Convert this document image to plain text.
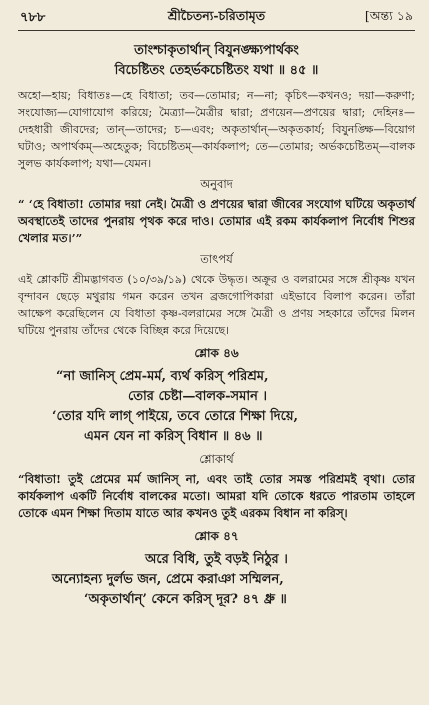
৭৮৮	শ্রীচৈতন্য-চরিতামৃত	[অন্ত্য ১৯
তাংশ্চাকৃতার্থান্ বিযুনঙ্ক্ষ্যপার্থকং
বিচেষ্টিতং তেহর্ভকচেষ্টিতং যথা ॥ ৪৫ ॥

অহো—হায়; বিধাতঃ—হে বিধাতা; তব—তোমার; ন—না; কৃচিৎ—কখনও; দয়া—করুণা; সংযোজ্য—যোগাযোগ করিয়ে; মৈত্র্যা—মৈত্রীর দ্বারা; প্রণয়েন—প্রণয়ের দ্বারা; দেহিনঃ—দেহধারী জীবদের; তান্—তাদের; চ—এবং; অকৃতার্থান্—অকৃতকার্য; বিযুনঙ্ক্ষি—বিয়োগ ঘটাও; অপার্থকম্—অহেতুক; বিচেষ্টিতম্—কার্যকলাপ; তে—তোমার; অর্ভকচেষ্টিতম্—বালক সুলভ কার্যকলাপ; যথা—যেমন।

অনুবাদ

“ ‘হে বিধাতা! তোমার দয়া নেই। মৈত্রী ও প্রণয়ের দ্বারা জীবের সংযোগ ঘটিয়ে অকৃতার্থ অবস্থাতেই তাদের পুনরায় পৃথক করে দাও। তোমার এই রকম কার্যকলাপ নির্বোধ শিশুর খেলার মত।’”

তাৎপর্য

এই শ্লোকটি শ্রীমদ্ভাগবত (১০/৩৯/১৯) থেকে উদ্ধৃত। অক্রূর ও বলরামের সঙ্গে শ্রীকৃষ্ণ যখন বৃন্দাবন ছেড়ে মথুরায় গমন করেন তখন ব্রজগোপিকারা এইভাবে বিলাপ করেন। তাঁরা আক্ষেপ করেছিলেন যে বিধাতা কৃষ্ণ-বলরামের সঙ্গে মৈত্রী ও প্রণয় সহকারে তাঁদের মিলন ঘটিয়ে পুনরায় তাঁদের থেকে বিচ্ছিন্ন করে দিয়েছে।

শ্লোক ৪৬
“না জানিস্ প্রেম-মর্ম, ব্যর্থ করিস্ পরিশ্রম,
তোর চেষ্টা—বালক-সমান ।
‘তোর যদি লাগ্ পাইয়ে, তবে তোরে শিক্ষা দিয়ে,
এমন যেন না করিস্ বিধান ॥ ৪৬ ॥
শ্লোকার্থ

“বিধাতা! তুই প্রেমের মর্ম জানিস্ না, এবং তাই তোর সমস্ত পরিশ্রমই বৃথা। তোর কার্যকলাপ একটি নির্বোধ বালকের মতো। আমরা যদি তোকে ধরতে পারতাম তাহলে তোকে এমন শিক্ষা দিতাম যাতে আর কখনও তুই এরকম বিধান না করিস্।

শ্লোক ৪৭
অরে বিধি, তুই বড়ই নিঠুর ।
অন্যোহন্য দুর্লভ জন, প্রেমে করাঞা সম্মিলন,
‘অকৃতার্থান্’ কেনে করিস্ দূর? ৪৭ ধ্রু ॥
